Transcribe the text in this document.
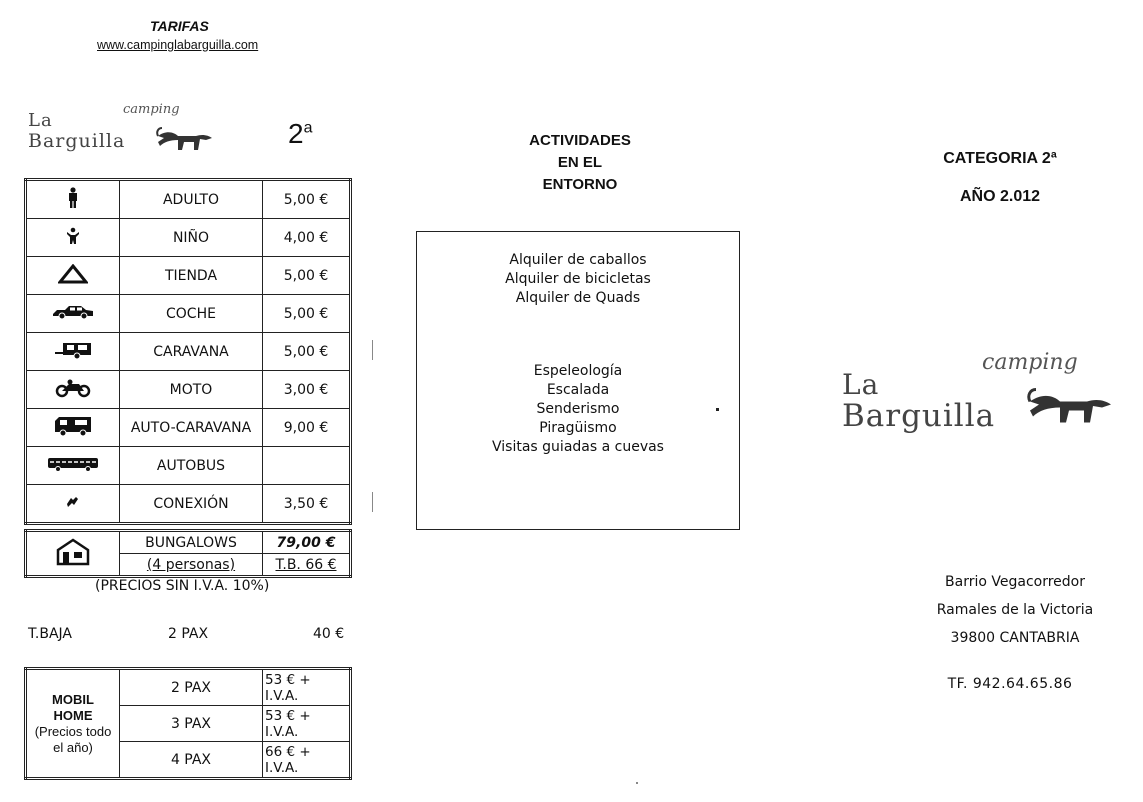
TARIFAS
www.campinglabarguilla.com
La
camping
Barguilla	2$^a$
	ADULTO	5,00 €
	NIÑO	4,00 €
	TIENDA	5,00 €
	COCHE	5,00 €
	CARAVANA	5,00 €
	MOTO	3,00 €
	AUTO-CARAVANA	9,00 €
	AUTOBUS	
	CONEXIÓN	3,50 €
	BUNGALOWS	79,00 €
	(4 personas)	T.B. 66 €
(PRECIOS SIN I.V.A. 10%)
T.BAJA	2 PAX	40 €
MOBIL
HOME
(Precios todo
el año)	2 PAX	53 € + I.V.A.
	3 PAX	53 € + I.V.A.
	4 PAX	66 € + I.V.A.
ACTIVIDADES
EN EL
ENTORNO
Alquiler de caballos
Alquiler de bicicletas
Alquiler de Quads
Espeleología
Escalada
Senderismo
Piragüismo
Visitas guiadas a cuevas
CATEGORIA 2ª
AÑO 2.012
La
camping
Barguilla
Barrio Vegacorredor
Ramales de la Victoria
39800 CANTABRIA
TF. 942.64.65.86
